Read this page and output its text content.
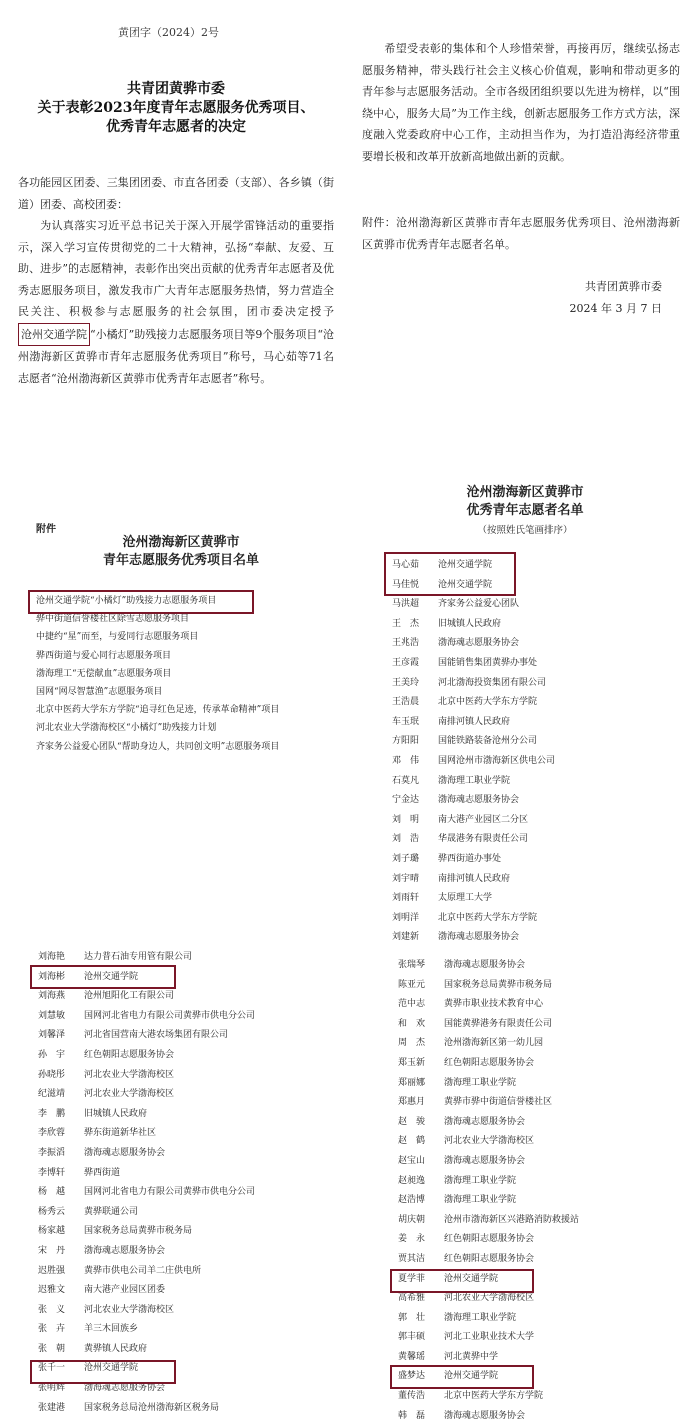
黄团字（2024）2号
共青团黄骅市委
关于表彰2023年度青年志愿服务优秀项目、
优秀青年志愿者的决定
各功能园区团委、三集团团委、市直各团委（支部）、各乡镇（街道）团委、高校团委：
为认真落实习近平总书记关于深入开展学雷锋活动的重要指示，深入学习宣传贯彻党的二十大精神，弘扬“奉献、友爱、互助、进步”的志愿精神，表彰作出突出贡献的优秀青年志愿者及优秀志愿服务项目，激发我市广大青年志愿服务热情，努力营造全民关注、积极参与志愿服务的社会氛围，团市委决定授予沧州交通学院 “小橘灯”助残接力志愿服务项目等9个服务项目“沧州渤海新区黄骅市青年志愿服务优秀项目”称号，马心茹等71名志愿者“沧州渤海新区黄骅市优秀青年志愿者”称号。
希望受表彰的集体和个人珍惜荣誉，再接再厉，继续弘扬志愿服务精神，带头践行社会主义核心价值观，影响和带动更多的青年参与志愿服务活动。全市各级团组织要以先进为榜样，以“围绕中心，服务大局”为工作主线，创新志愿服务工作方式方法，深度融入党委政府中心工作，主动担当作为，为打造沿海经济带重要增长极和改革开放新高地做出新的贡献。
附件：沧州渤海新区黄骅市青年志愿服务优秀项目、沧州渤海新区黄骅市优秀青年志愿者名单。
共青团黄骅市委
2024 年 3 月 7 日
附件
沧州渤海新区黄骅市
青年志愿服务优秀项目名单
沧州交通学院“小橘灯”助残接力志愿服务项目
骅中街道信誉楼社区除雪志愿服务项目
中捷约“星”而至，与爱同行志愿服务项目
骅西街道与爱心同行志愿服务项目
渤海理工“无偿献血”志愿服务项目
国网“网尽智慧渔”志愿服务项目
北京中医药大学东方学院“追寻红色足迹，传承革命精神”项目
河北农业大学渤海校区“小橘灯”助残接力计划
齐家务公益爱心团队“帮助身边人，共同创文明”志愿服务项目
沧州渤海新区黄骅市
优秀青年志愿者名单
（按照姓氏笔画排序）
马心茹	沧州交通学院
马佳悦	沧州交通学院
马洪超	齐家务公益爱心团队
王　杰	旧城镇人民政府
王兆浩	渤海魂志愿服务协会
王彦霞	国能销售集团黄骅办事处
王美玲	河北渤海投资集团有限公司
王浩晨	北京中医药大学东方学院
车玉珉	南排河镇人民政府
方阳阳	国能铁路装备沧州分公司
邓　伟	国网沧州市渤海新区供电公司
石莫凡	渤海理工职业学院
宁金达	渤海魂志愿服务协会
刘　明	南大港产业园区二分区
刘　浩	华晟港务有限责任公司
刘子璐	骅西街道办事处
刘宇晴	南排河镇人民政府
刘雨轩	太原理工大学
刘明洋	北京中医药大学东方学院
刘建新	渤海魂志愿服务协会
刘海艳	达力普石油专用管有限公司
刘海彬	沧州交通学院
刘海燕	沧州旭阳化工有限公司
刘慧敏	国网河北省电力有限公司黄骅市供电分公司
刘馨泽	河北省国营南大港农场集团有限公司
孙　宇	红色朝阳志愿服务协会
孙晓彤	河北农业大学渤海校区
纪滋靖	河北农业大学渤海校区
李　鹏	旧城镇人民政府
李欣蓉	骅东街道新华社区
李振滔	渤海魂志愿服务协会
李博轩	骅西街道
杨　越	国网河北省电力有限公司黄骅市供电分公司
杨秀云	黄骅联通公司
杨家越	国家税务总局黄骅市税务局
宋　丹	渤海魂志愿服务协会
迟胜强	黄骅市供电公司羊二庄供电所
迟雅文	南大港产业园区团委
张　义	河北农业大学渤海校区
张　卉	羊三木回族乡
张　朝	黄骅镇人民政府
张千一	沧州交通学院
张明辉	渤海魂志愿服务协会
张建港	国家税务总局沧州渤海新区税务局
张瑞琴	渤海魂志愿服务协会
陈亚元	国家税务总局黄骅市税务局
范中志	黄骅市职业技术教育中心
和　欢	国能黄骅港务有限责任公司
周　杰	沧州渤海新区第一幼儿园
郑玉新	红色朝阳志愿服务协会
郑丽娜	渤海理工职业学院
郑惠月	黄骅市骅中街道信誉楼社区
赵　骏	渤海魂志愿服务协会
赵　鹤	河北农业大学渤海校区
赵宝山	渤海魂志愿服务协会
赵昶逸	渤海理工职业学院
赵浩博	渤海理工职业学院
胡庆朝	沧州市渤海新区兴港路消防救援站
姜　永	红色朝阳志愿服务协会
贾其洁	红色朝阳志愿服务协会
夏学菲	沧州交通学院
高希雅	河北农业大学渤海校区
郭　壮	渤海理工职业学院
郭丰硕	河北工业职业技术大学
黄馨瑶	河北黄骅中学
盛梦达	沧州交通学院
董传浩	北京中医药大学东方学院
韩　磊	渤海魂志愿服务协会
